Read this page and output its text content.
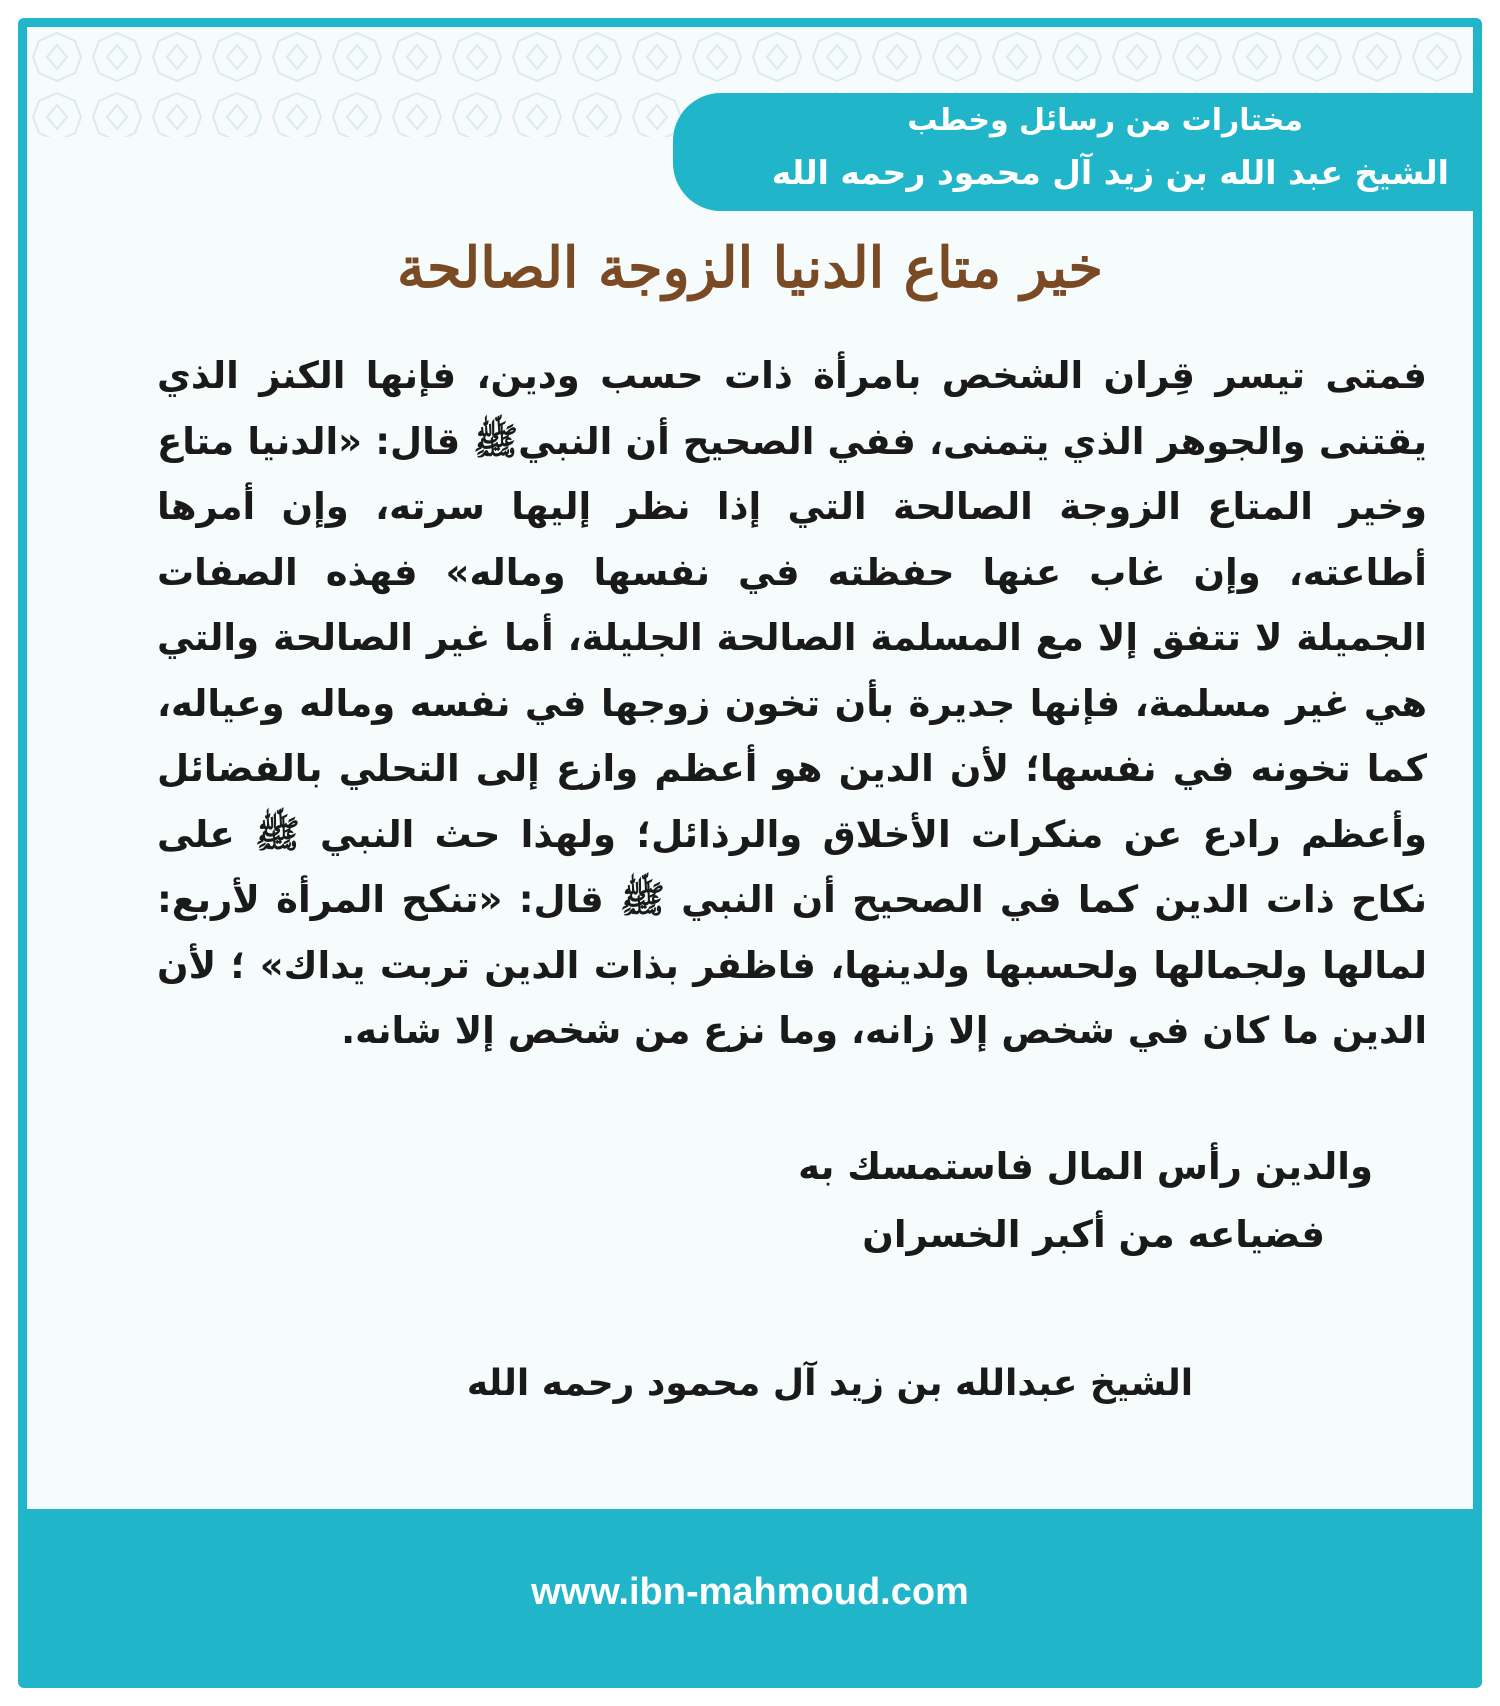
مختارات من رسائل وخطب
الشيخ عبد الله بن زيد آل محمود رحمه الله
خير متاع الدنيا الزوجة الصالحة
فمتى تيسر قِران الشخص بامرأة ذات حسب ودين، فإنها الكنز الذي يقتنى والجوهر الذي يتمنى، ففي الصحيح أن النبيﷺ قال: «الدنيا متاع وخير المتاع الزوجة الصالحة التي إذا نظر إليها سرته، وإن أمرها أطاعته، وإن غاب عنها حفظته في نفسها وماله» فهذه الصفات الجميلة لا تتفق إلا مع المسلمة الصالحة الجليلة، أما غير الصالحة والتي هي غير مسلمة، فإنها جديرة بأن تخون زوجها في نفسه وماله وعياله، كما تخونه في نفسها؛ لأن الدين هو أعظم وازع إلى التحلي بالفضائل وأعظم رادع عن منكرات الأخلاق والرذائل؛ ولهذا حث النبي ﷺ على نكاح ذات الدين كما في الصحيح أن النبي ﷺ قال: «تنكح المرأة لأربع: لمالها ولجمالها ولحسبها ولدينها، فاظفر بذات الدين تربت يداك» ؛ لأن الدين ما كان في شخص إلا زانه، وما نزع من شخص إلا شانه.
والدين رأس المال فاستمسك به
فضياعه من أكبر الخسران
الشيخ عبدالله بن زيد آل محمود رحمه الله
www.ibn-mahmoud.com
